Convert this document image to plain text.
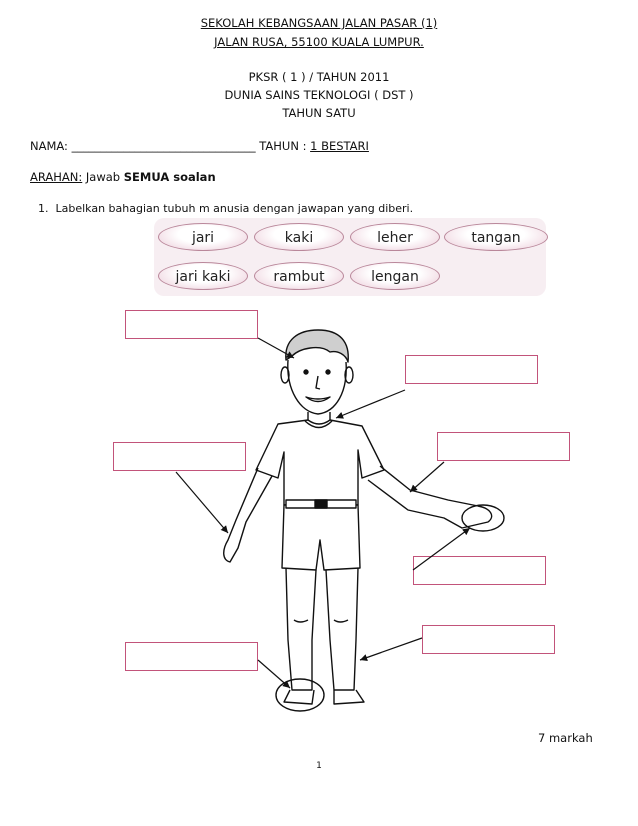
SEKOLAH KEBANGSAAN JALAN PASAR (1)
JALAN RUSA, 55100 KUALA LUMPUR.
PKSR ( 1 ) / TAHUN 2011
DUNIA SAINS TEKNOLOGI ( DST )
TAHUN SATU
NAMA: ________________________________ TAHUN : 1 BESTARI
ARAHAN: Jawab SEMUA soalan
1. Labelkan bahagian tubuh m anusia dengan jawapan yang diberi.
jari	kaki	leher	tangan
jari kaki	rambut	lengan
7 markah
1
